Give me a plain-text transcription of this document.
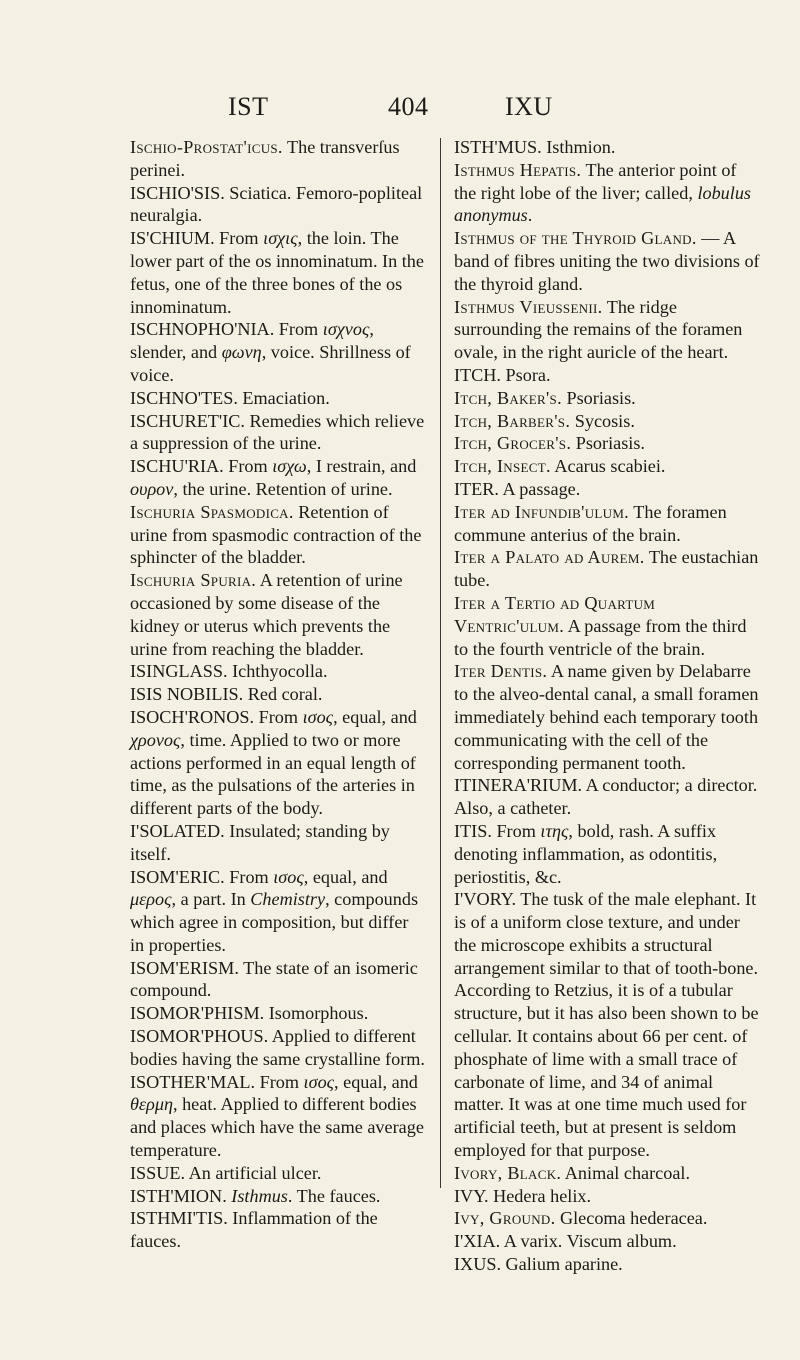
IST	404	IXU
Ischio-Prostat'icus. The transverſus perinei.
ISCHIO'SIS. Sciatica. Femoro-popliteal neuralgia.
IS'CHIUM. From ισχις, the loin. The lower part of the os innominatum. In the fetus, one of the three bones of the os innominatum.
ISCHNOPHO'NIA. From ισχνος, slender, and φωνη, voice. Shrillness of voice.
ISCHNO'TES. Emaciation.
ISCHURET'IC. Remedies which relieve a suppression of the urine.
ISCHU'RIA. From ισχω, I restrain, and ουρον, the urine. Retention of urine.
Ischuria Spasmodica. Retention of urine from spasmodic contraction of the sphincter of the bladder.
Ischuria Spuria. A retention of urine occasioned by some disease of the kidney or uterus which prevents the urine from reaching the bladder.
ISINGLASS. Ichthyocolla.
ISIS NOBILIS. Red coral.
ISOCH'RONOS. From ισος, equal, and χρονος, time. Applied to two or more actions performed in an equal length of time, as the pulsations of the arteries in different parts of the body.
I'SOLATED. Insulated; standing by itself.
ISOM'ERIC. From ισος, equal, and μερος, a part. In Chemistry, compounds which agree in composition, but differ in properties.
ISOM'ERISM. The state of an isomeric compound.
ISOMOR'PHISM. Isomorphous.
ISOMOR'PHOUS. Applied to different bodies having the same crystalline form.
ISOTHER'MAL. From ισος, equal, and θερμη, heat. Applied to different bodies and places which have the same average temperature.
ISSUE. An artificial ulcer.
ISTH'MION. Isthmus. The fauces.
ISTHMI'TIS. Inflammation of the fauces.
ISTH'MUS. Isthmion.
Isthmus Hepatis. The anterior point of the right lobe of the liver; called, lobulus anonymus.
Isthmus of the Thyroid Gland. — A band of fibres uniting the two divisions of the thyroid gland.
Isthmus Vieussenii. The ridge surrounding the remains of the foramen ovale, in the right auricle of the heart.
ITCH. Psora.
Itch, Baker's. Psoriasis.
Itch, Barber's. Sycosis.
Itch, Grocer's. Psoriasis.
Itch, Insect. Acarus scabiei.
ITER. A passage.
Iter ad Infundib'ulum. The foramen commune anterius of the brain.
Iter a Palato ad Aurem. The eustachian tube.
Iter a Tertio ad Quartum Ventric'ulum. A passage from the third to the fourth ventricle of the brain.
Iter Dentis. A name given by Delabarre to the alveo-dental canal, a small foramen immediately behind each temporary tooth communicating with the cell of the corresponding permanent tooth.
ITINERA'RIUM. A conductor; a director. Also, a catheter.
ITIS. From ιτης, bold, rash. A suffix denoting inflammation, as odontitis, periostitis, &c.
I'VORY. The tusk of the male elephant. It is of a uniform close texture, and under the microscope exhibits a structural arrangement similar to that of tooth-bone. According to Retzius, it is of a tubular structure, but it has also been shown to be cellular. It contains about 66 per cent. of phosphate of lime with a small trace of carbonate of lime, and 34 of animal matter. It was at one time much used for artificial teeth, but at present is seldom employed for that purpose.
Ivory, Black. Animal charcoal.
IVY. Hedera helix.
Ivy, Ground. Glecoma hederacea.
I'XIA. A varix. Viscum album.
IXUS. Galium aparine.
